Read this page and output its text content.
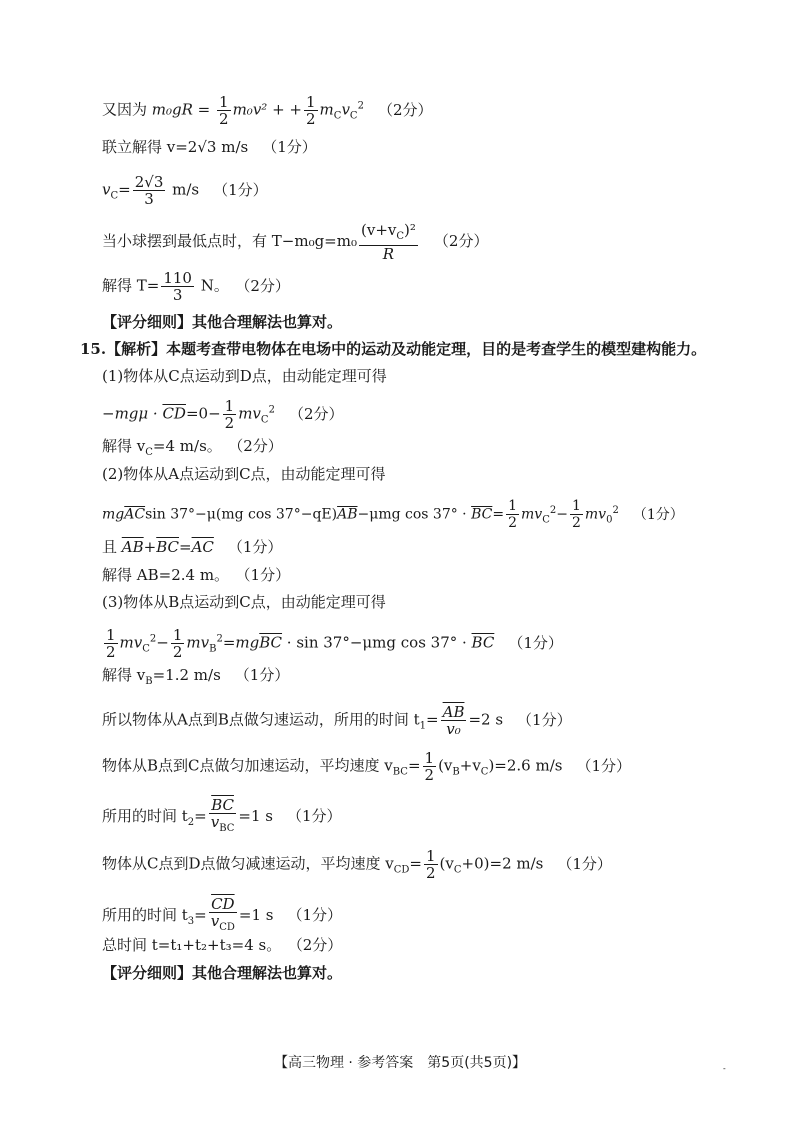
又因为 $m_0gR = \frac{1}{2} m_0v^2$ + + $\frac{1}{2} m_Cv_C^2$ （2分）
联立解得 v=2√3 m/s （1分）
$v_C= \frac{2√3}{3} m/s$ （1分）
当小球摆到最低点时，有 $T-m_0g=m_0 \frac{(v+v_C)^2}{R} (2$分）
解得 $T= \frac{110}{3}$ N。 （2分）
【评分细则】其他合理解法也算对。
15.【解析】本题考查带电物体在电场中的运动及动能定理，目的是考查学生的模型建构能力。
(1)物体从C点运动到D点，由动能定理可得
$-mg\mu \cdot \overline{CD}=0- \frac{1}{2} mv_C^2$ （2分）
解得 $v_C=4$ m/s。 （2分）
(2)物体从A点运动到C点，由动能定理可得
$mg\overline{AC}\sin$ 37°−μ(mg $\cos 37^\circ-qE)\overline{AB}-\mu mg$ $\cos 37^\circ \cdot \overline{BC}= \frac{1}{2} mv_C^2- \frac{1}{2} mv_0^2$ （1分）
且 $\overline{AB}+\overline{BC}=\overline{AC}$ （1分）
解得 AB=2.4 m。 （1分）
(3)物体从B点运动到C点，由动能定理可得
$\frac{1}{2} mv_C^2- \frac{1}{2} mv_B^2=mg\overline{BC} \cdot \sin 37^\circ-\mu mg$ $\cos 37^\circ \cdot \overline{BC}$ （1分）
解得 $v_B=1.2$ m/s （1分）
所以物体从A点到B点做匀速运动，所用的时间 $t_1= \frac{\overline{AB}}{\text{v₀}} =2$ s （1分）
物体从B点到C点做匀加速运动，平均速度 $v_{BC}= \frac{1}{2} (v_B+v_C)=2.6$ m/s （1分）
所用的时间 $t_2= \frac{\overline{BC}}{v_{BC}} =1$ s （1分）
物体从C点到D点做匀减速运动，平均速度 $v_{CD}= \frac{1}{2} (v_C+0)=2$ m/s （1分）
所用的时间 $t_3= \frac{\overline{CD}}{v_{CD}} =1$ s （1分）
总时间 t=t₁+t₂+t₃=4 s。 （2分）
【评分细则】其他合理解法也算对。
【高三物理 · 参考答案　第5页(共5页)】	-
